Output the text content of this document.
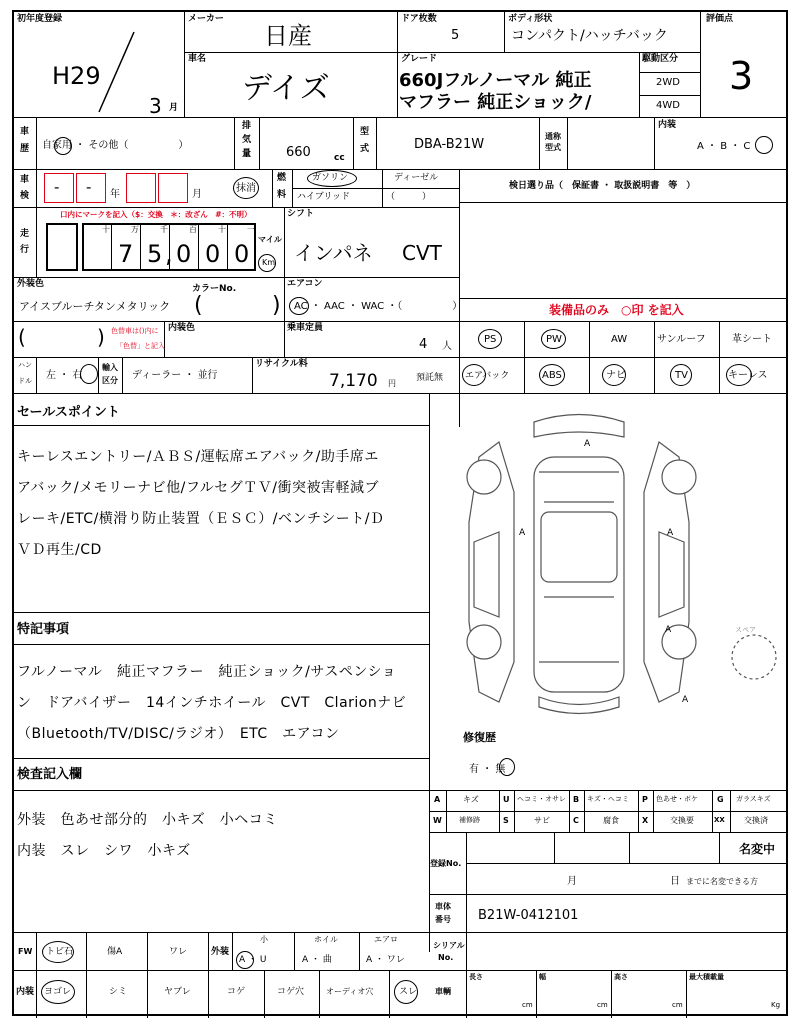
初年度登録
H29
3 月
メーカー
日産
車名
デイズ
ドア枚数
5
ボディ形状
コンパクト/ハッチバック
グレード
660Jフルノーマル 純正
マフラー 純正ショック/
駆動区分
2WD
4WD
評価点
3
車
歴 自家用 ・ その他（　　　　　）
排
気
量	660	cc
型
式	DBA-B21W
通称
型式
内装
A ・ B ・ C
車
検 - - 年	月
抹消
燃
料
ガソリン	ディーゼル
ハイブリッド	（　　　）
検日選り品（　保証書 ・ 取扱説明書　等　）
走
行
口内にマークを記入（$：交換　＊：改ざん　#：不明）
十	万	千	百	十	一
7 5 , 0 0 0
マイル
Km
シフト
インパネ CVT
外装色
アイスブルーチタンメタリック
カラーNo.
(	)
エアコン
AC ・ AAC ・ WAC ・（　　　　　）	装備品のみ　○印 を記入
(	) 色替車は()内に
「色替」と記入
内装色	乗車定員
4 人
PS	PW	AW	サンルーフ	革シート
エアバック	ABS	ナビ	TV	キーレス
ハン
ドル 左 ・ 右
輸入
区分 ディーラー ・ 並行
リサイクル料
7,170 円
預託無
セールスポイント
キーレスエントリー/ＡＢＳ/運転席エアバック/助手席エ
アバック/メモリーナビ他/フルセグＴＶ/衝突被害軽減ブ
レーキ/ETC/横滑り防止装置（ＥＳＣ）/ベンチシート/Ｄ
ＶＤ再生/CD
特記事項
フルノーマル　純正マフラー　純正ショック/サスペンショ
ン　ドアバイザー　14インチホイール　CVT　Clarionナビ
（Bluetooth/TV/DISC/ラジオ）　ETC　エアコン
検査記入欄
外装　色あせ部分的　小キズ　小ヘコミ
内装　スレ　シワ　小キズ
A
A	A
A
A
スペア
修復歴
有 ・ 無
A	キズ	U ヘコミ・オサレ B キズ・ヘコミ P 色あせ・ボケ G ガラスキズ
W 補修跡	S	サビ	C	腐食	X	交換要	XX 交換済
登録No.
名変中
月	日 までに名変できる方
車体
番号 B21W-0412101
FW トビ石	傷A	ワレ	外装
小
A ・ U
ホイル
A ・ 曲
エアロ
A ・ ワレ
シリアル
No.
内装 ヨゴレ	シミ	ヤブレ	コゲ	コゲ穴	オーディオ穴	スレ 車輌
長さ
cm
幅
cm
高さ
cm
最大積載量
Kg
